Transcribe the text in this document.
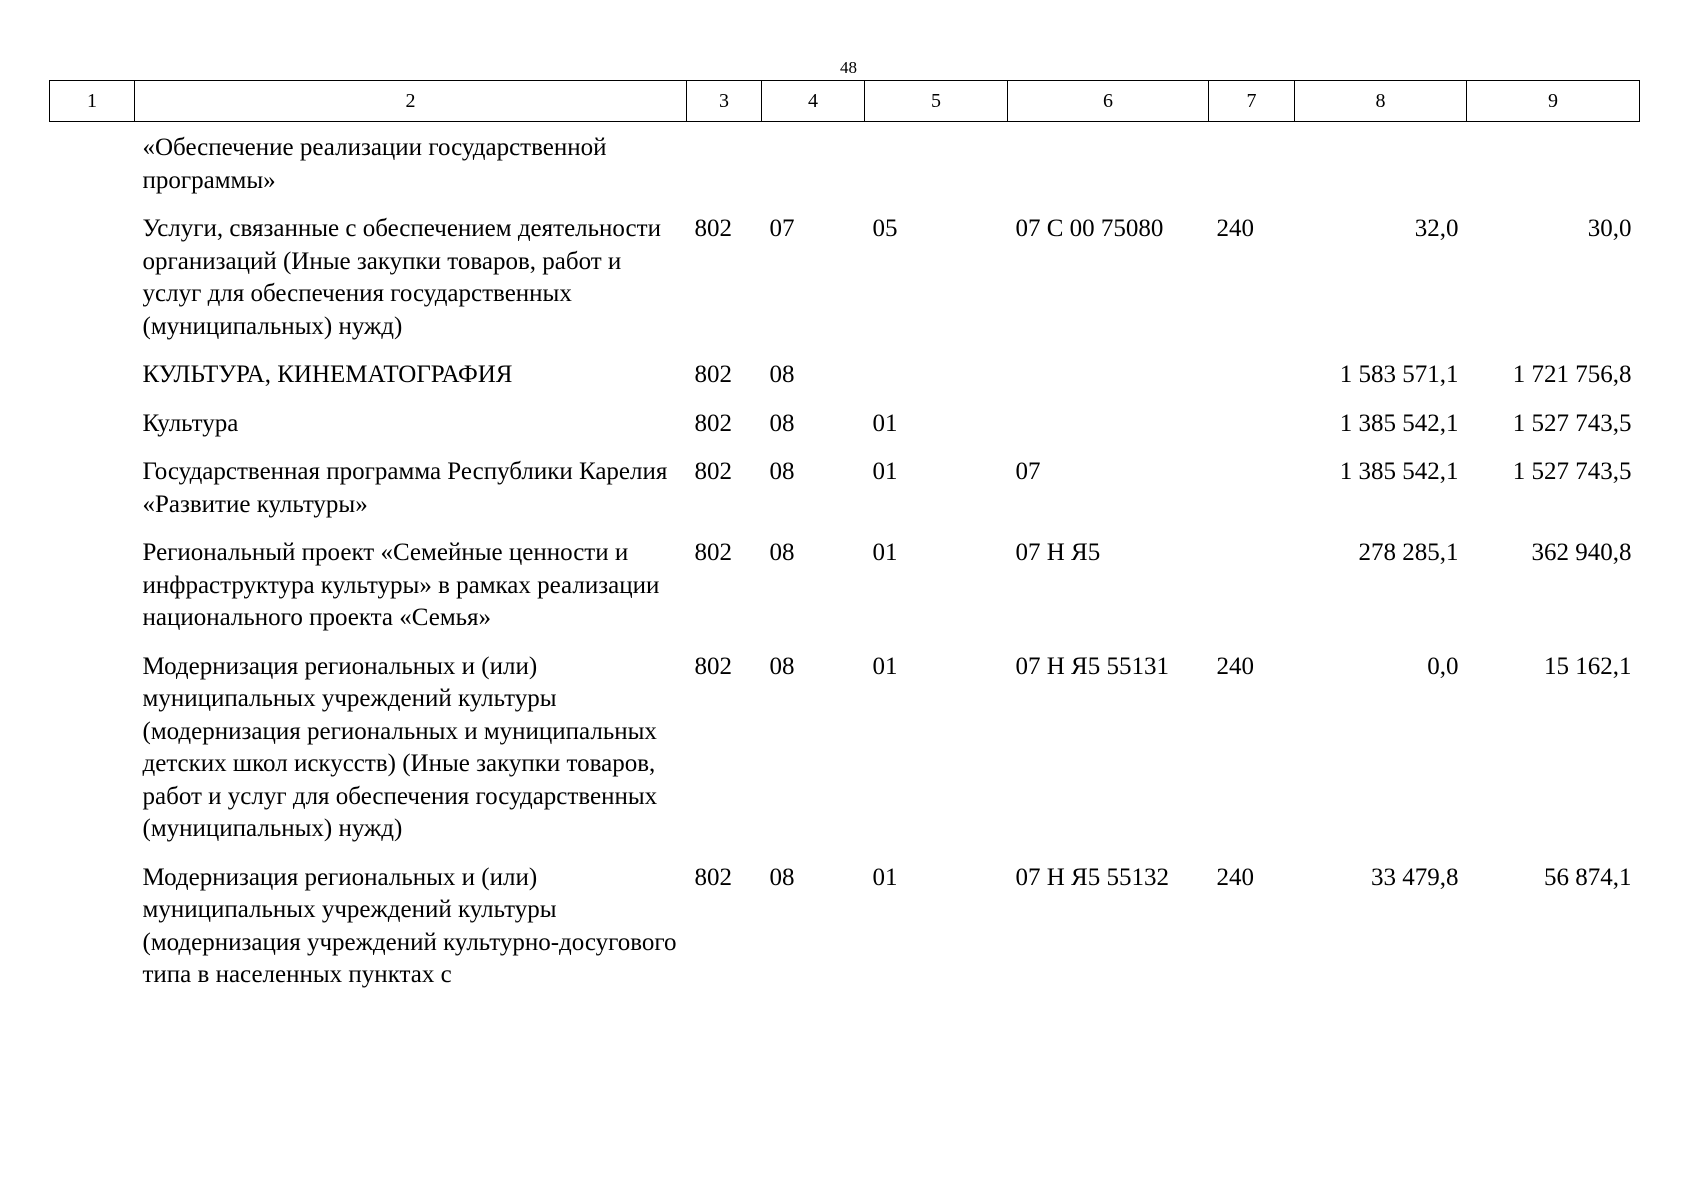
48
1	2	3	4	5	6	7	8	9
	«Обеспечение реализации государственной программы»							
	Услуги, связанные с обеспечением деятельности организаций (Иные закупки товаров, работ и услуг для обеспечения государственных (муниципальных) нужд)	802	07	05	07 С 00 75080	240	32,0	30,0
	КУЛЬТУРА, КИНЕМАТОГРАФИЯ	802	08				1 583 571,1	1 721 756,8
	Культура	802	08	01			1 385 542,1	1 527 743,5
	Государственная программа Республики Карелия «Развитие культуры»	802	08	01	07		1 385 542,1	1 527 743,5
	Региональный проект «Семейные ценности и инфраструктура культуры» в рамках реализации национального проекта «Семья»	802	08	01	07 Н Я5		278 285,1	362 940,8
	Модернизация региональных и (или) муниципальных учреждений культуры (модернизация региональных и муниципальных детских школ искусств) (Иные закупки товаров, работ и услуг для обеспечения государственных (муниципальных) нужд)	802	08	01	07 Н Я5 55131	240	0,0	15 162,1
	Модернизация региональных и (или) муниципальных учреждений культуры (модернизация учреждений культурно-досугового типа в населенных пунктах с	802	08	01	07 Н Я5 55132	240	33 479,8	56 874,1
